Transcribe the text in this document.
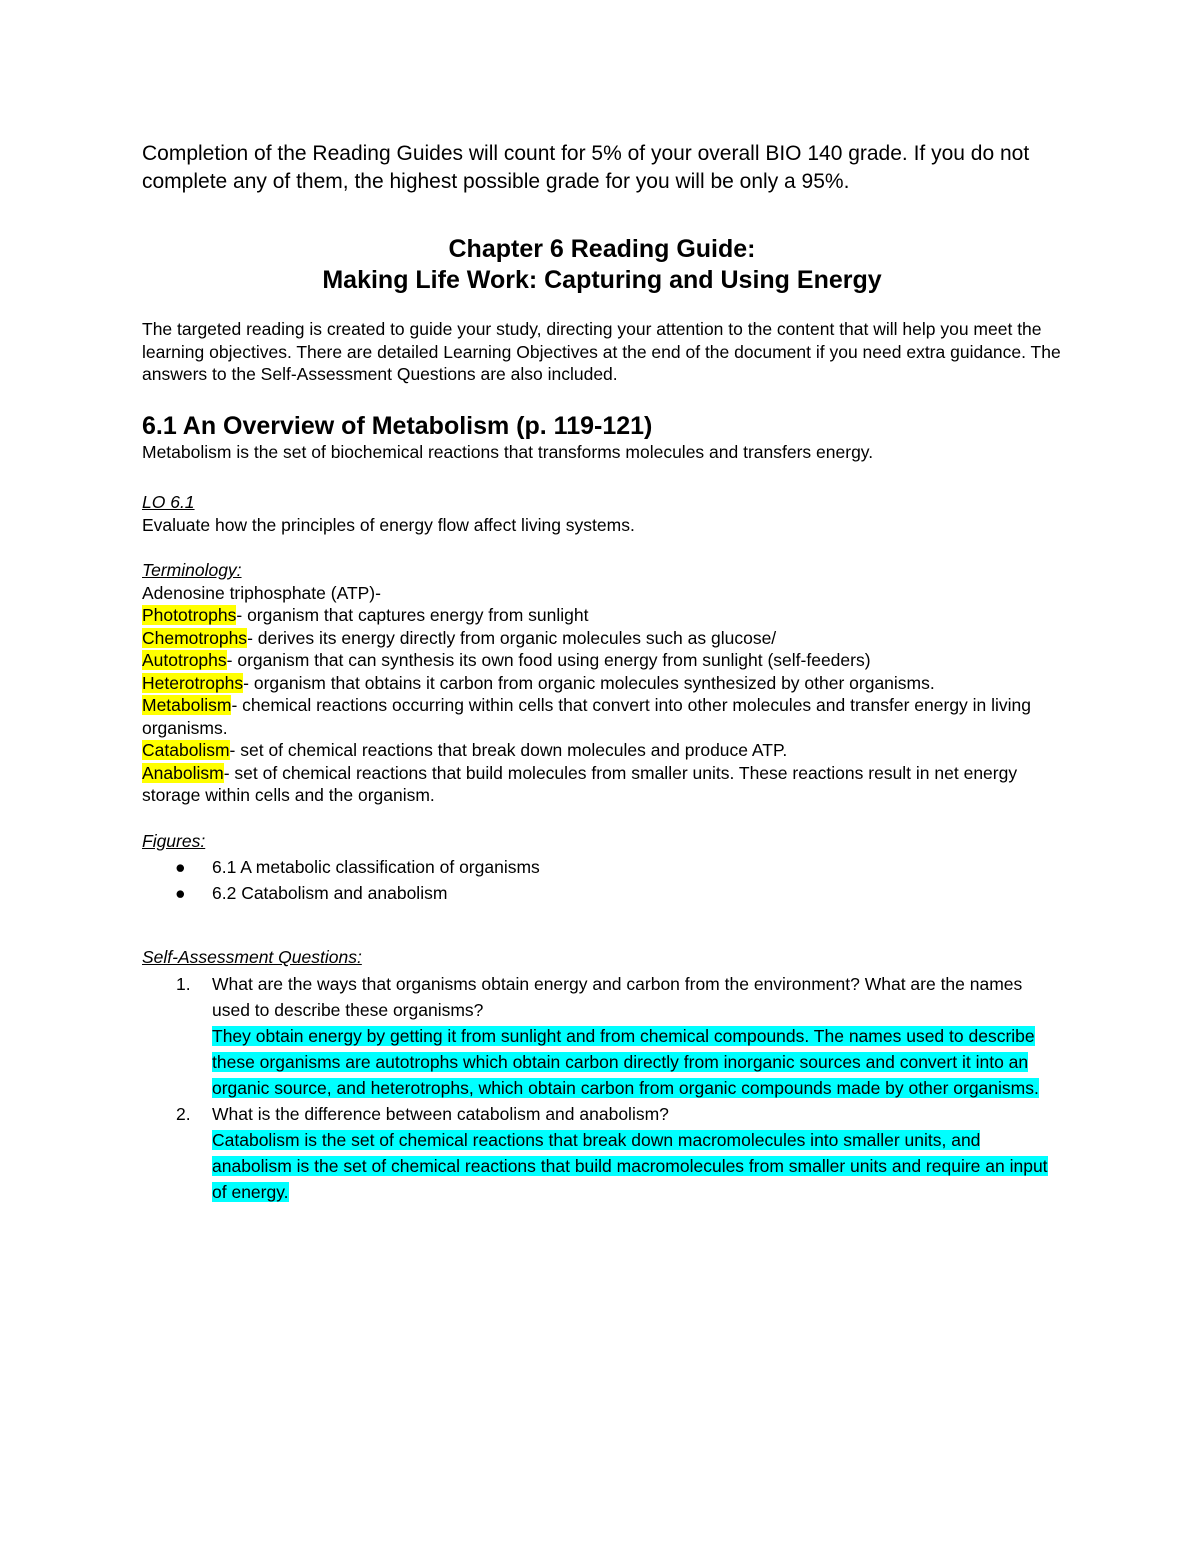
Completion of the Reading Guides will count for 5% of your overall BIO 140 grade. If you do not complete any of them, the highest possible grade for you will be only a 95%.

Chapter 6 Reading Guide:
Making Life Work: Capturing and Using Energy

The targeted reading is created to guide your study, directing your attention to the content that will help you meet the learning objectives. There are detailed Learning Objectives at the end of the document if you need extra guidance. The answers to the Self-Assessment Questions are also included.

6.1 An Overview of Metabolism (p. 119-121)

Metabolism is the set of biochemical reactions that transforms molecules and transfers energy.

LO 6.1

Evaluate how the principles of energy flow affect living systems.

Terminology:
Adenosine triphosphate (ATP)-
Phototrophs- organism that captures energy from sunlight
Chemotrophs- derives its energy directly from organic molecules such as glucose/
Autotrophs- organism that can synthesis its own food using energy from sunlight (self-feeders)
Heterotrophs- organism that obtains it carbon from organic molecules synthesized by other organisms.
Metabolism- chemical reactions occurring within cells that convert into other molecules and transfer energy in living organisms.
Catabolism- set of chemical reactions that break down molecules and produce ATP.
Anabolism- set of chemical reactions that build molecules from smaller units. These reactions result in net energy storage within cells and the organism.
Figures:
● 6.1 A metabolic classification of organisms
● 6.2 Catabolism and anabolism
Self-Assessment Questions:
1. What are the ways that organisms obtain energy and carbon from the environment? What are the names used to describe these organisms?
They obtain energy by getting it from sunlight and from chemical compounds. The names used to describe these organisms are autotrophs which obtain carbon directly from inorganic sources and convert it into an organic source, and heterotrophs, which obtain carbon from organic compounds made by other organisms.
2. What is the difference between catabolism and anabolism?
Catabolism is the set of chemical reactions that break down macromolecules into smaller units, and anabolism is the set of chemical reactions that build macromolecules from smaller units and require an input of energy.
